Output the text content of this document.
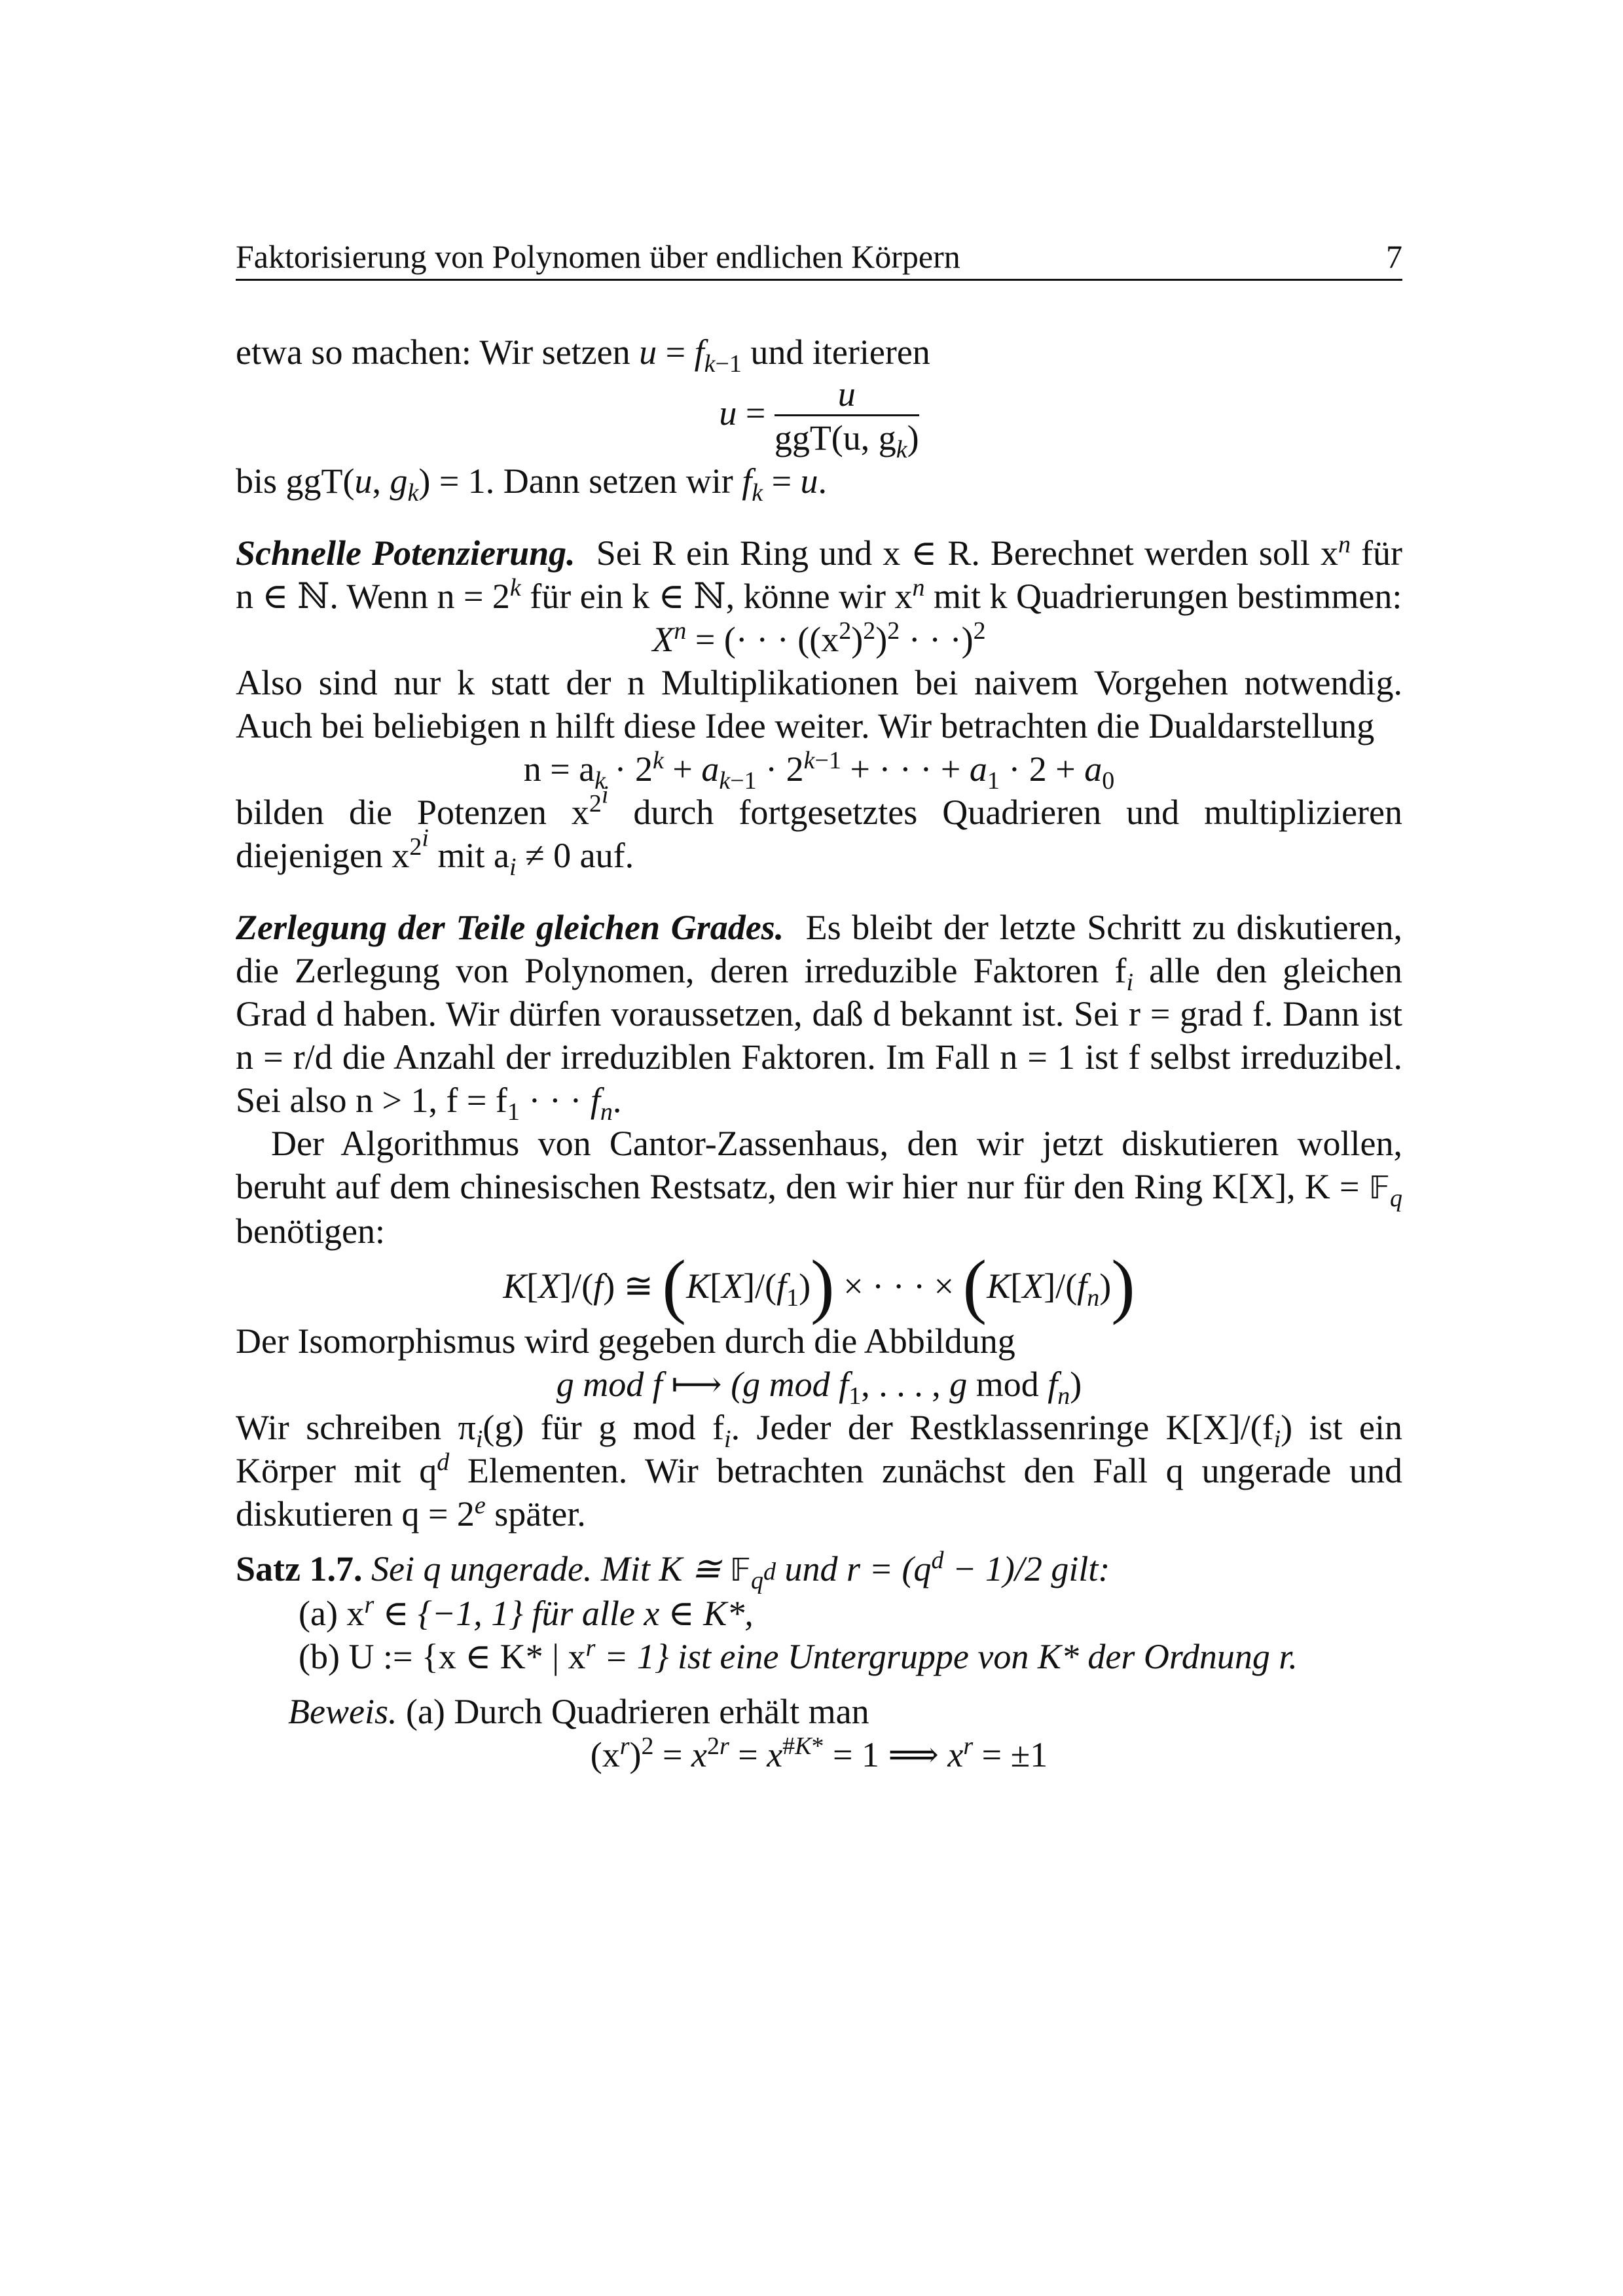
Faktorisierung von Polynomen über endlichen Körpern	7

etwa so machen: Wir setzen $u = f_{k-1}$ und iterieren

$u = \frac{u}{ggT(u, g_k)}$

bis ggT(u, $g_k) = 1$. Dann setzen wir $f_k = u$.

Schnelle Potenzierung. Sei R ein Ring und x ∈ R. Berechnet werden soll $x^n$ für n ∈ ℕ. Wenn $n = 2^k$ für ein k ∈ ℕ, könne wir $x^n$ mit k Quadrierungen bestimmen:

$X^n$ = (· · · $((x^2)^2)^2$ · · ·)$^2$

Also sind nur k statt der n Multiplikationen bei naivem Vorgehen notwendig. Auch bei beliebigen n hilft diese Idee weiter. Wir betrachten die Dualdarstellung

$n = a_k \cdot 2^k + a_{k-1} \cdot 2^{k-1}$ + · · · + $a_1 \cdot 2 + a_0$

bilden die Potenzen $x^{2^i}$ durch fortgesetztes Quadrieren und multiplizieren diejenigen $x^{2^i}$ mit $a_i \ne 0$ auf.

Zerlegung der Teile gleichen Grades. Es bleibt der letzte Schritt zu diskutieren, die Zerlegung von Polynomen, deren irreduzible Faktoren $f_i$ alle den gleichen Grad d haben. Wir dürfen voraussetzen, daß d bekannt ist. Sei r = grad f. Dann ist n = r/d die Anzahl der irreduziblen Faktoren. Im Fall n = 1 ist f selbst irreduzibel. Sei also n > 1, $f = f_1$ · · · $f_n$.

Der Algorithmus von Cantor-Zassenhaus, den wir jetzt diskutieren wollen, beruht auf dem chinesischen Restsatz, den wir hier nur für den Ring K[X], K = 𝔽$_q$ benötigen:

K[X]/(f) ≅ $(K[X]/(f_1))$ × · · · × $(K[X]/(f_n))$

Der Isomorphismus wird gegeben durch die Abbildung

g mod f ⟼ (g mod $f_1$, . . . , g mod $f_n$)

Wir schreiben $\pi_i(g)$ für g mod $f_i$. Jeder der Restklassenringe $K[X]/(f_i)$ ist ein Körper mit $q^d$ Elementen. Wir betrachten zunächst den Fall q ungerade und diskutieren $q = 2^e$ später.

Satz 1.7. Sei q ungerade. Mit K ≅ 𝔽$_{q^d}$ und $r = (q^d - 1)/2$ gilt:

(a) $x^r$ ∈ {−1, 1} für alle x ∈ K*,

(b) U := {x ∈ K* | $x^r = 1$} ist eine Untergruppe von K* der Ordnung r.

Beweis. (a) Durch Quadrieren erhält man

$(x^r)^2 = x^{2r} = x^{\#K*} = 1$ ⟹ $x^r = \pm 1$
